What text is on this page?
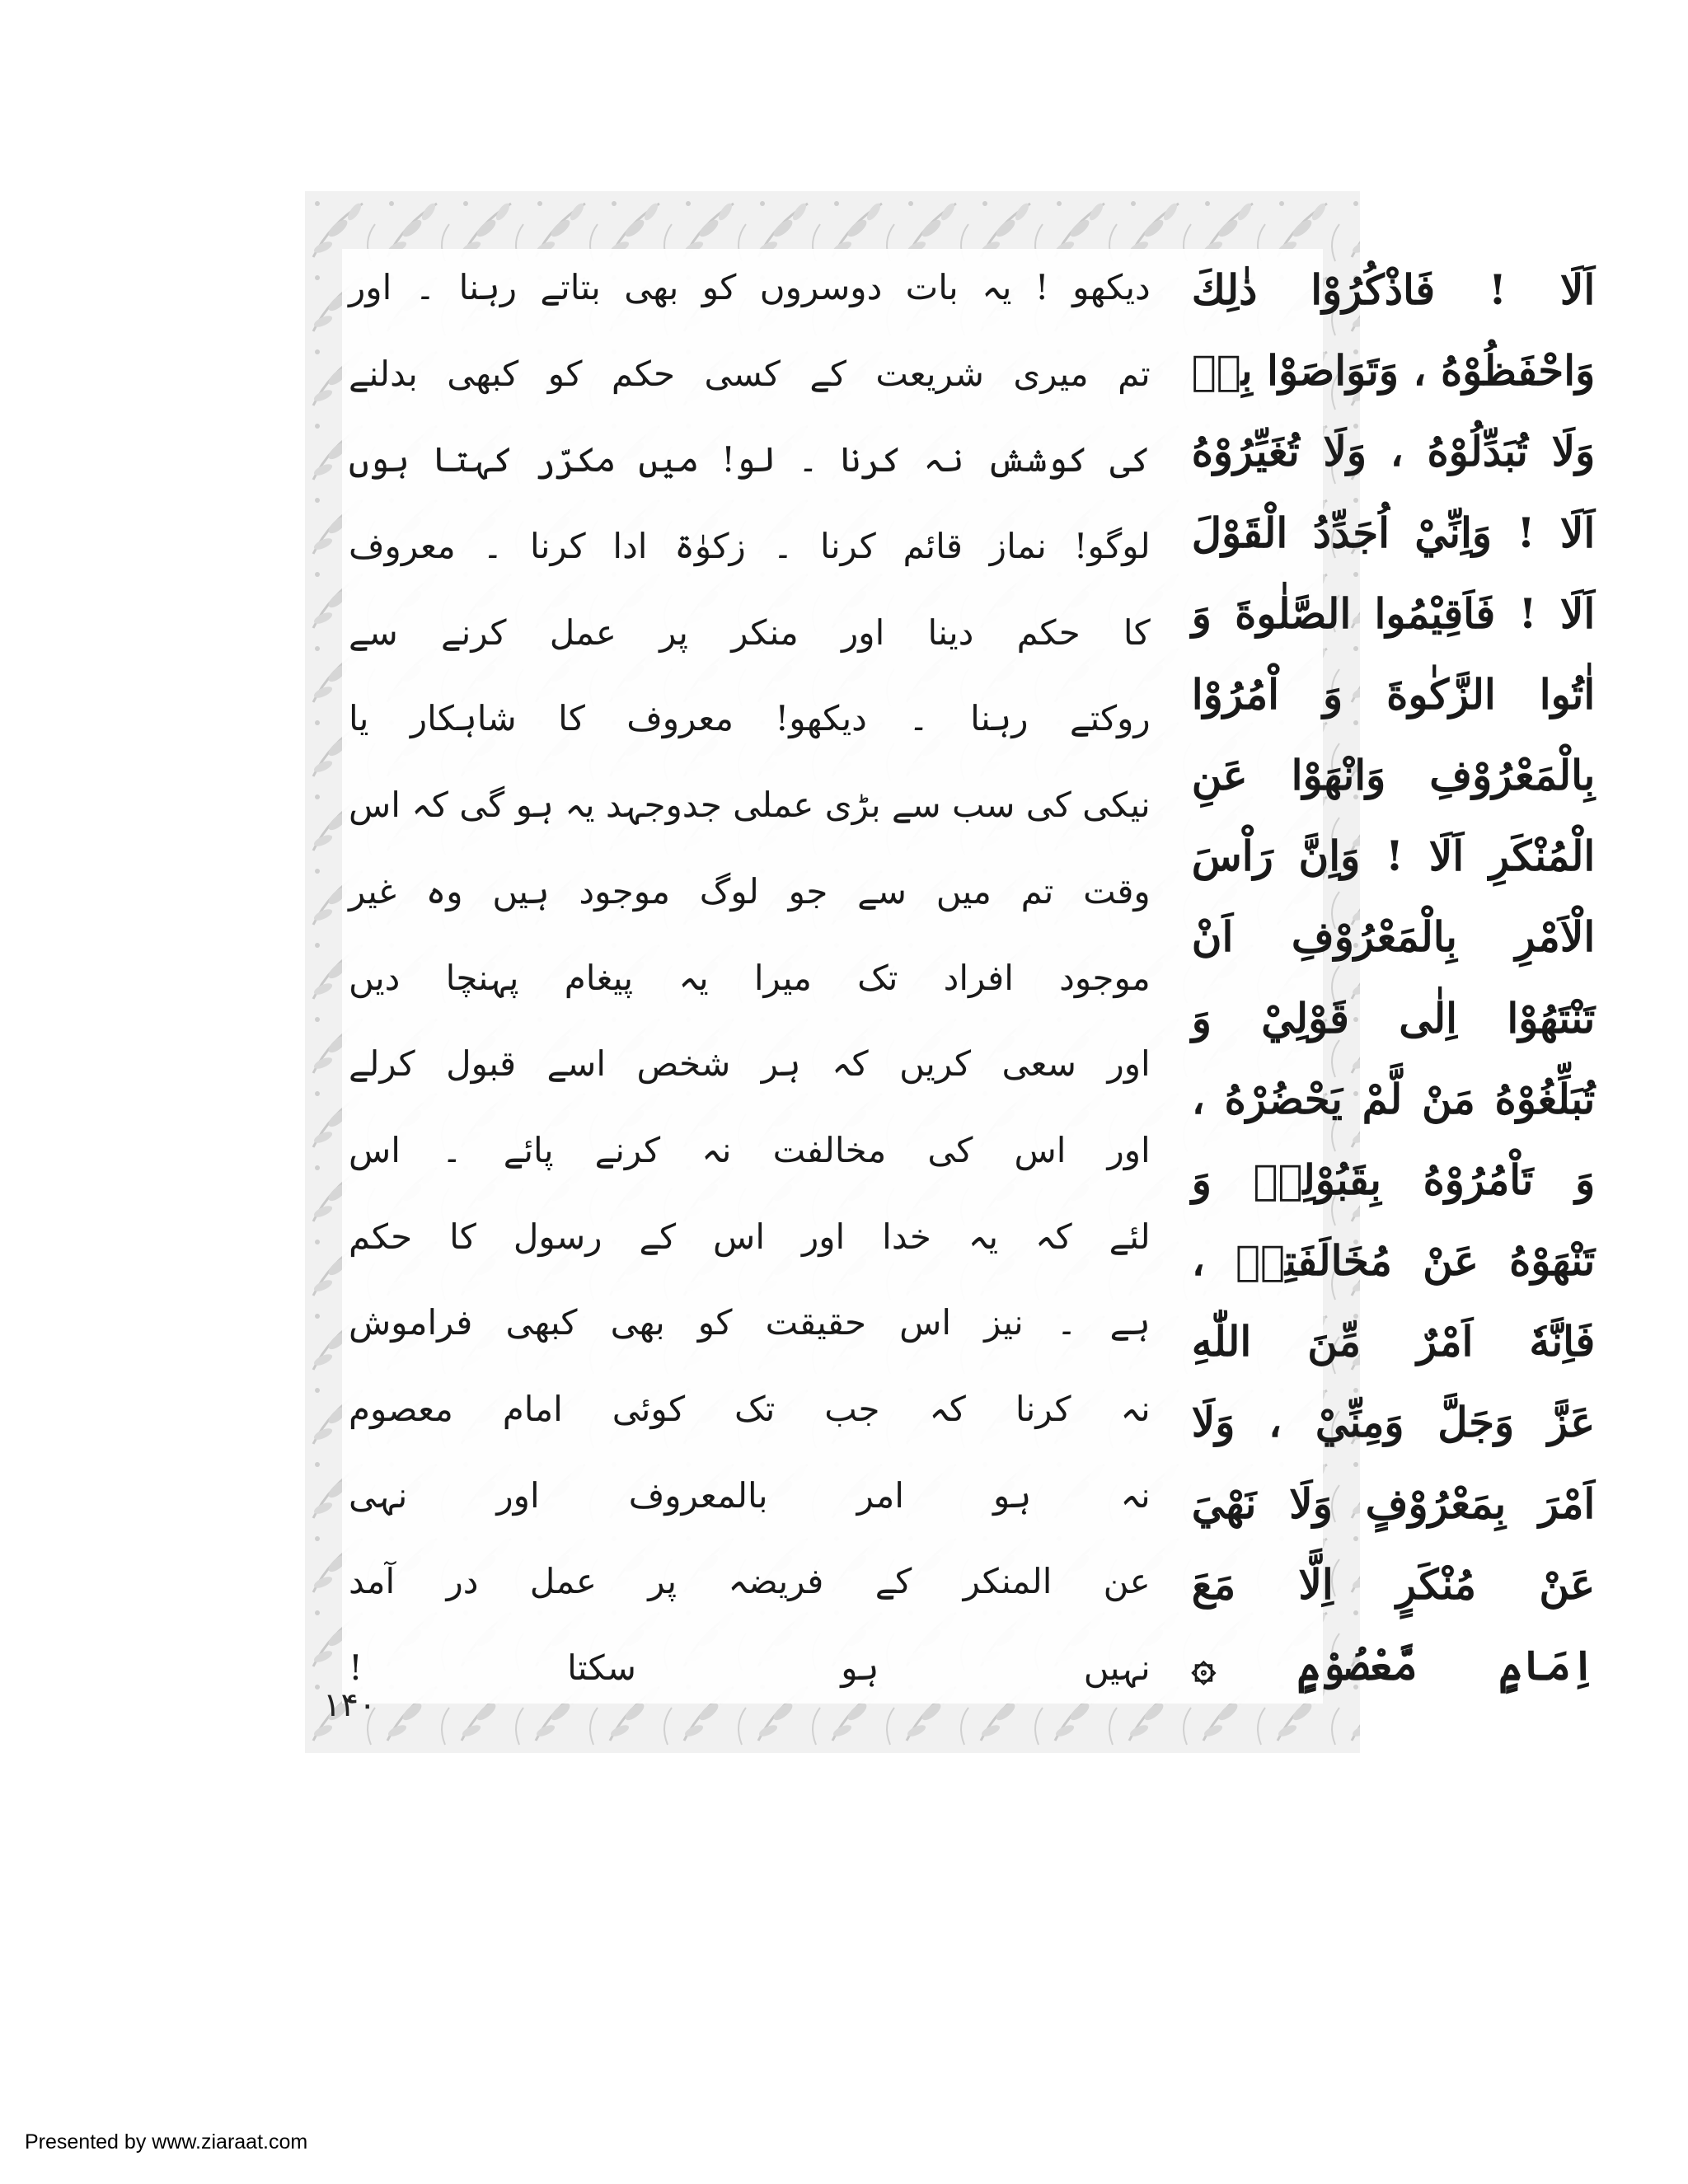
اَلَا ! فَاذْكُرُوْا ذٰلِكَ
وَاحْفَظُوْهُ ، وَتَوَاصَوْا بِهٖ
وَلَا تُبَدِّلُوْهُ ، وَلَا تُغَيِّرُوْهُ
اَلَا ! وَاِنِّيْ اُجَدِّدُ الْقَوْلَ
اَلَا ! فَاَقِيْمُوا الصَّلٰوةَ وَ
اٰتُوا الزَّكٰوةَ وَ اْمُرُوْا
بِالْمَعْرُوْفِ وَانْهَوْا عَنِ
الْمُنْكَرِ اَلَا ! وَاِنَّ رَاْسَ
الْاَمْرِ بِالْمَعْرُوْفِ اَنْ
تَنْتَهُوْا اِلٰى قَوْلِيْ وَ
تُبَلِّغُوْهُ مَنْ لَّمْ يَحْضُرْهُ ،
وَ تَاْمُرُوْهُ بِقَبُوْلِهٖ وَ
تَنْهَوْهُ عَنْ مُخَالَفَتِهٖ ،
فَاِنَّهٗ اَمْرٌ مِّنَ اللّٰهِ
عَزَّ وَجَلَّ وَمِنِّيْ ، وَلَا
اَمْرَ بِمَعْرُوْفٍ وَلَا نَهْيَ
عَنْ مُنْكَرٍ اِلَّا مَعَ
اِمَامٍ مَّعْصُوْمٍ ۞
دیکھو ! یہ بات دوسروں کو بھی بتاتے رہنا ۔ اور
تم میری شریعت کے کسی حکم کو کبھی بدلنے
کی کوشش نہ کرنا ۔ لو! میں مکرّر کہتا ہوں
لوگو! نماز قائم کرنا ۔ زکوٰۃ ادا کرنا ۔ معروف
کا حکم دینا اور منکر پر عمل کرنے سے
روکتے رہنا ۔ دیکھو! معروف کا شاہکار یا
نیکی کی سب سے بڑی عملی جدوجہد یہ ہو گی کہ اس
وقت تم میں سے جو لوگ موجود ہیں وہ غیر
موجود افراد تک میرا یہ پیغام پہنچا دیں
اور سعی کریں کہ ہر شخص اسے قبول کرلے
اور اس کی مخالفت نہ کرنے پائے ۔ اس
لئے کہ یہ خدا اور اس کے رسول کا حکم
ہے ۔ نیز اس حقیقت کو بھی کبھی فراموش
نہ کرنا کہ جب تک کوئی امام معصوم
نہ ہو امر بالمعروف اور نہی
عن المنکر کے فریضہ پر عمل در آمد
نہیں ہو سکتا !
۱۴۰
Presented by www.ziaraat.com
